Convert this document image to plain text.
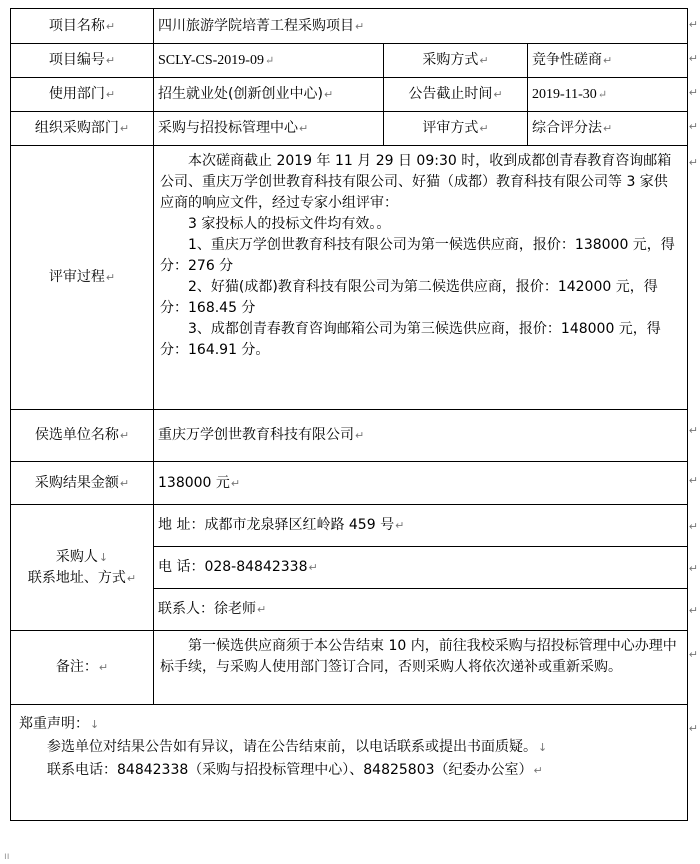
项目名称↵	四川旅游学院培菁工程采购项目↵		
项目编号↵	SCLY-CS-2019-09↵	采购方式↵	竞争性磋商↵
使用部门↵	招生就业处(创新创业中心)↵	公告截止时间↵	2019-11-30↵
组织采购部门↵	采购与招投标管理中心↵	评审方式↵	综合评分法↵
评审过程↵	本次磋商截止 2019 年 11 月 29 日 09:30 时，收到成都创青春教育咨询邮箱公司、重庆万学创世教育科技有限公司、好猫（成都）教育科技有限公司等 3 家供应商的响应文件，经过专家小组评审：

3 家投标人的投标文件均有效。。

1、重庆万学创世教育科技有限公司为第一候选供应商，报价：138000 元，得分：276 分

2、好猫(成都)教育科技有限公司为第二候选供应商，报价：142000 元，得分：168.45 分

3、成都创青春教育咨询邮箱公司为第三候选供应商，报价：148000 元，得分：164.91 分。		

侯选单位名称↵	重庆万学创世教育科技有限公司↵		
采购结果金额↵	138000 元↵		

采购人↓
联系地址、方式↵	地 址：成都市龙泉驿区红岭路 459 号↵		
	电 话：028-84842338↵		
	联系人：徐老师↵		
备注：↵	第一候选供应商须于本公告结束 10 内，前往我校采购与招投标管理中心办理中标手续，与采购人使用部门签订合同，否则采购人将依次递补或重新采购。		

郑重声明：↓
参选单位对结果公告如有异议，请在公告结束前，以电话联系或提出书面质疑。↓
联系电话：84842338（采购与招投标管理中心）、84825803（纪委办公室）↵			
↵
↵
↵
↵
↵
↵
↵
↵
↵
↵
↵
↵
ıı
